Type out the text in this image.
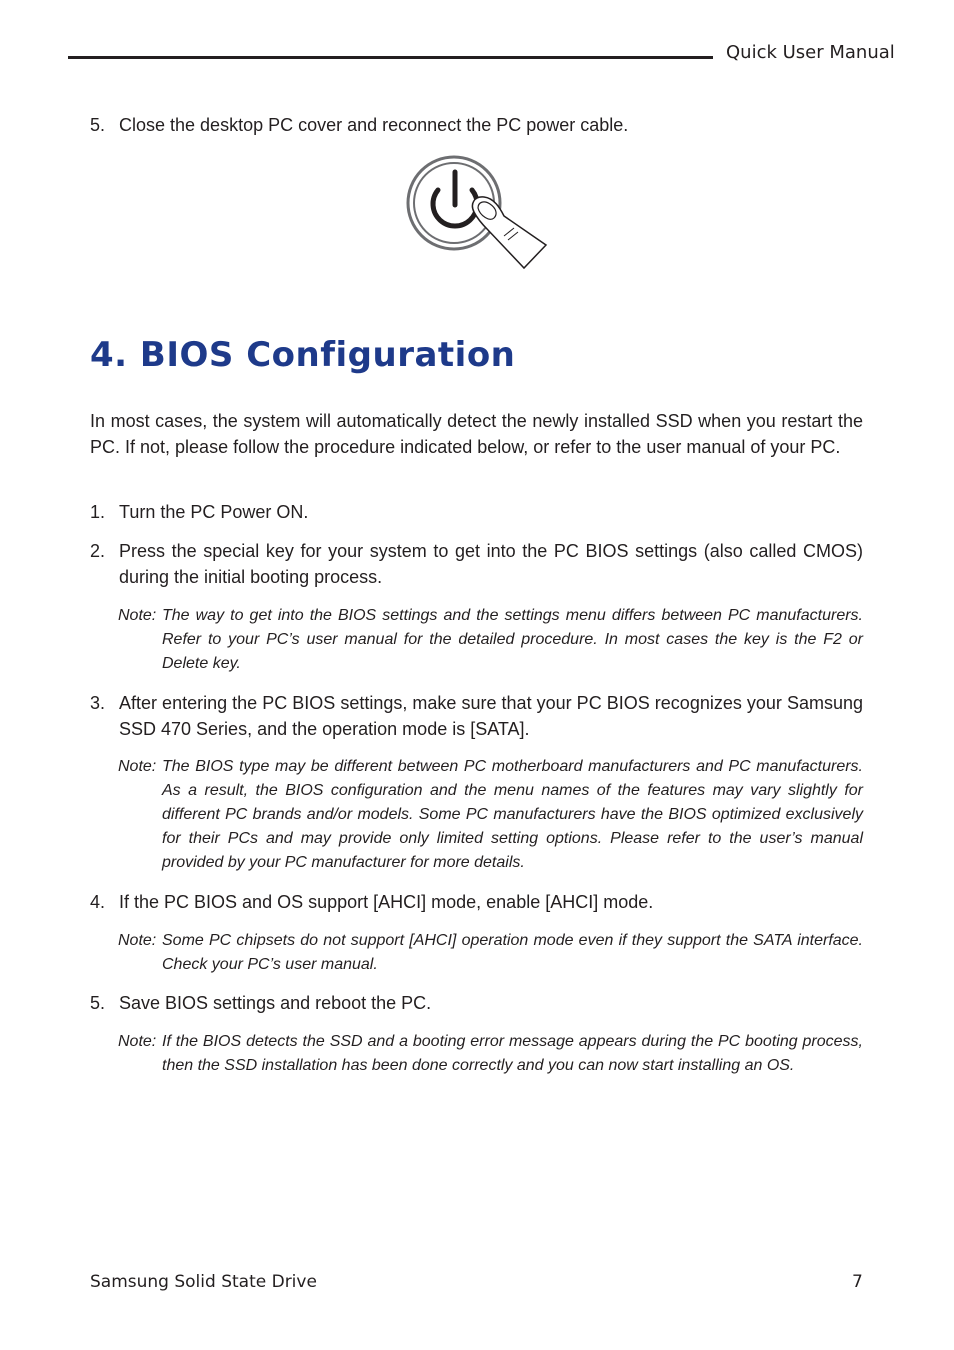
Quick User Manual
5. Close the desktop PC cover and reconnect the PC power cable.
4. BIOS Configuration
In most cases, the system will automatically detect the newly installed SSD when you restart the PC. If not, please follow the procedure indicated below, or refer to the user manual of your PC.
1. Turn the PC Power ON.
2. Press the special key for your system to get into the PC BIOS settings (also called CMOS) during the initial booting process.
Note: The way to get into the BIOS settings and the settings menu differs between PC manufacturers. Refer to your PC’s user manual for the detailed procedure. In most cases the key is the F2 or Delete key.
3. After entering the PC BIOS settings, make sure that your PC BIOS recognizes your Samsung SSD 470 Series, and the operation mode is [SATA].
Note: The BIOS type may be different between PC motherboard manufacturers and PC manufacturers. As a result, the BIOS configuration and the menu names of the features may vary slightly for different PC brands and/or models. Some PC manufacturers have the BIOS optimized exclusively for their PCs and may provide only limited setting options. Please refer to the user’s manual provided by your PC manufacturer for more details.
4. If the PC BIOS and OS support [AHCI] mode, enable [AHCI] mode.
Note: Some PC chipsets do not support [AHCI] operation mode even if they support the SATA interface. Check your PC’s user manual.
5. Save BIOS settings and reboot the PC.
Note: If the BIOS detects the SSD and a booting error message appears during the PC booting process, then the SSD installation has been done correctly and you can now start installing an OS.
Samsung Solid State Drive	7
